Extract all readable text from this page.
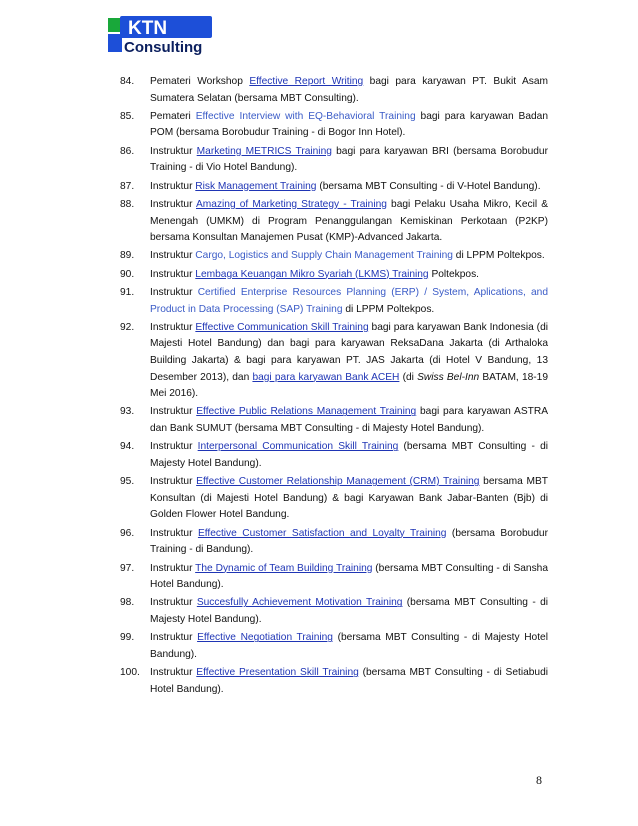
KTN
Consulting
84.	Pemateri Workshop Effective Report Writing bagi para karyawan PT. Bukit Asam Sumatera Selatan (bersama MBT Consulting).
85.	Pemateri Effective Interview with EQ-Behavioral Training bagi para karyawan Badan POM (bersama Borobudur Training - di Bogor Inn Hotel).
86.	Instruktur Marketing METRICS Training bagi para karyawan BRI (bersama Borobudur Training - di Vio Hotel Bandung).
87.	Instruktur Risk Management Training (bersama MBT Consulting - di V-Hotel Bandung).
88.	Instruktur Amazing of Marketing Strategy - Training bagi Pelaku Usaha Mikro, Kecil & Menengah (UMKM) di Program Penanggulangan Kemiskinan Perkotaan (P2KP) bersama Konsultan Manajemen Pusat (KMP)-Advanced Jakarta.
89.	Instruktur Cargo, Logistics and Supply Chain Management Training di LPPM Poltekpos.
90.	Instruktur Lembaga Keuangan Mikro Syariah (LKMS) Training Poltekpos.
91.	Instruktur Certified Enterprise Resources Planning (ERP) / System, Aplications, and Product in Data Processing (SAP) Training di LPPM Poltekpos.
92.	Instruktur Effective Communication Skill Training bagi para karyawan Bank Indonesia (di Majesti Hotel Bandung) dan bagi para karyawan ReksaDana Jakarta (di Arthaloka Building Jakarta) & bagi para karyawan PT. JAS Jakarta (di Hotel V Bandung, 13 Desember 2013), dan bagi para karyawan Bank ACEH (di Swiss Bel-Inn BATAM, 18-19 Mei 2016).
93.	Instruktur Effective Public Relations Management Training bagi para karyawan ASTRA dan Bank SUMUT (bersama MBT Consulting - di Majesty Hotel Bandung).
94.	Instruktur Interpersonal Communication Skill Training (bersama MBT Consulting - di Majesty Hotel Bandung).
95.	Instruktur Effective Customer Relationship Management (CRM) Training bersama MBT Konsultan (di Majesti Hotel Bandung) & bagi Karyawan Bank Jabar-Banten (Bjb) di Golden Flower Hotel Bandung.
96.	Instruktur Effective Customer Satisfaction and Loyalty Training (bersama Borobudur Training - di Bandung).
97.	Instruktur The Dynamic of Team Building Training (bersama MBT Consulting - di Sansha Hotel Bandung).
98.	Instruktur Succesfully Achievement Motivation Training (bersama MBT Consulting - di Majesty Hotel Bandung).
99.	Instruktur Effective Negotiation Training (bersama MBT Consulting - di Majesty Hotel Bandung).
100. Instruktur Effective Presentation Skill Training (bersama MBT Consulting - di Setiabudi Hotel Bandung).
8
